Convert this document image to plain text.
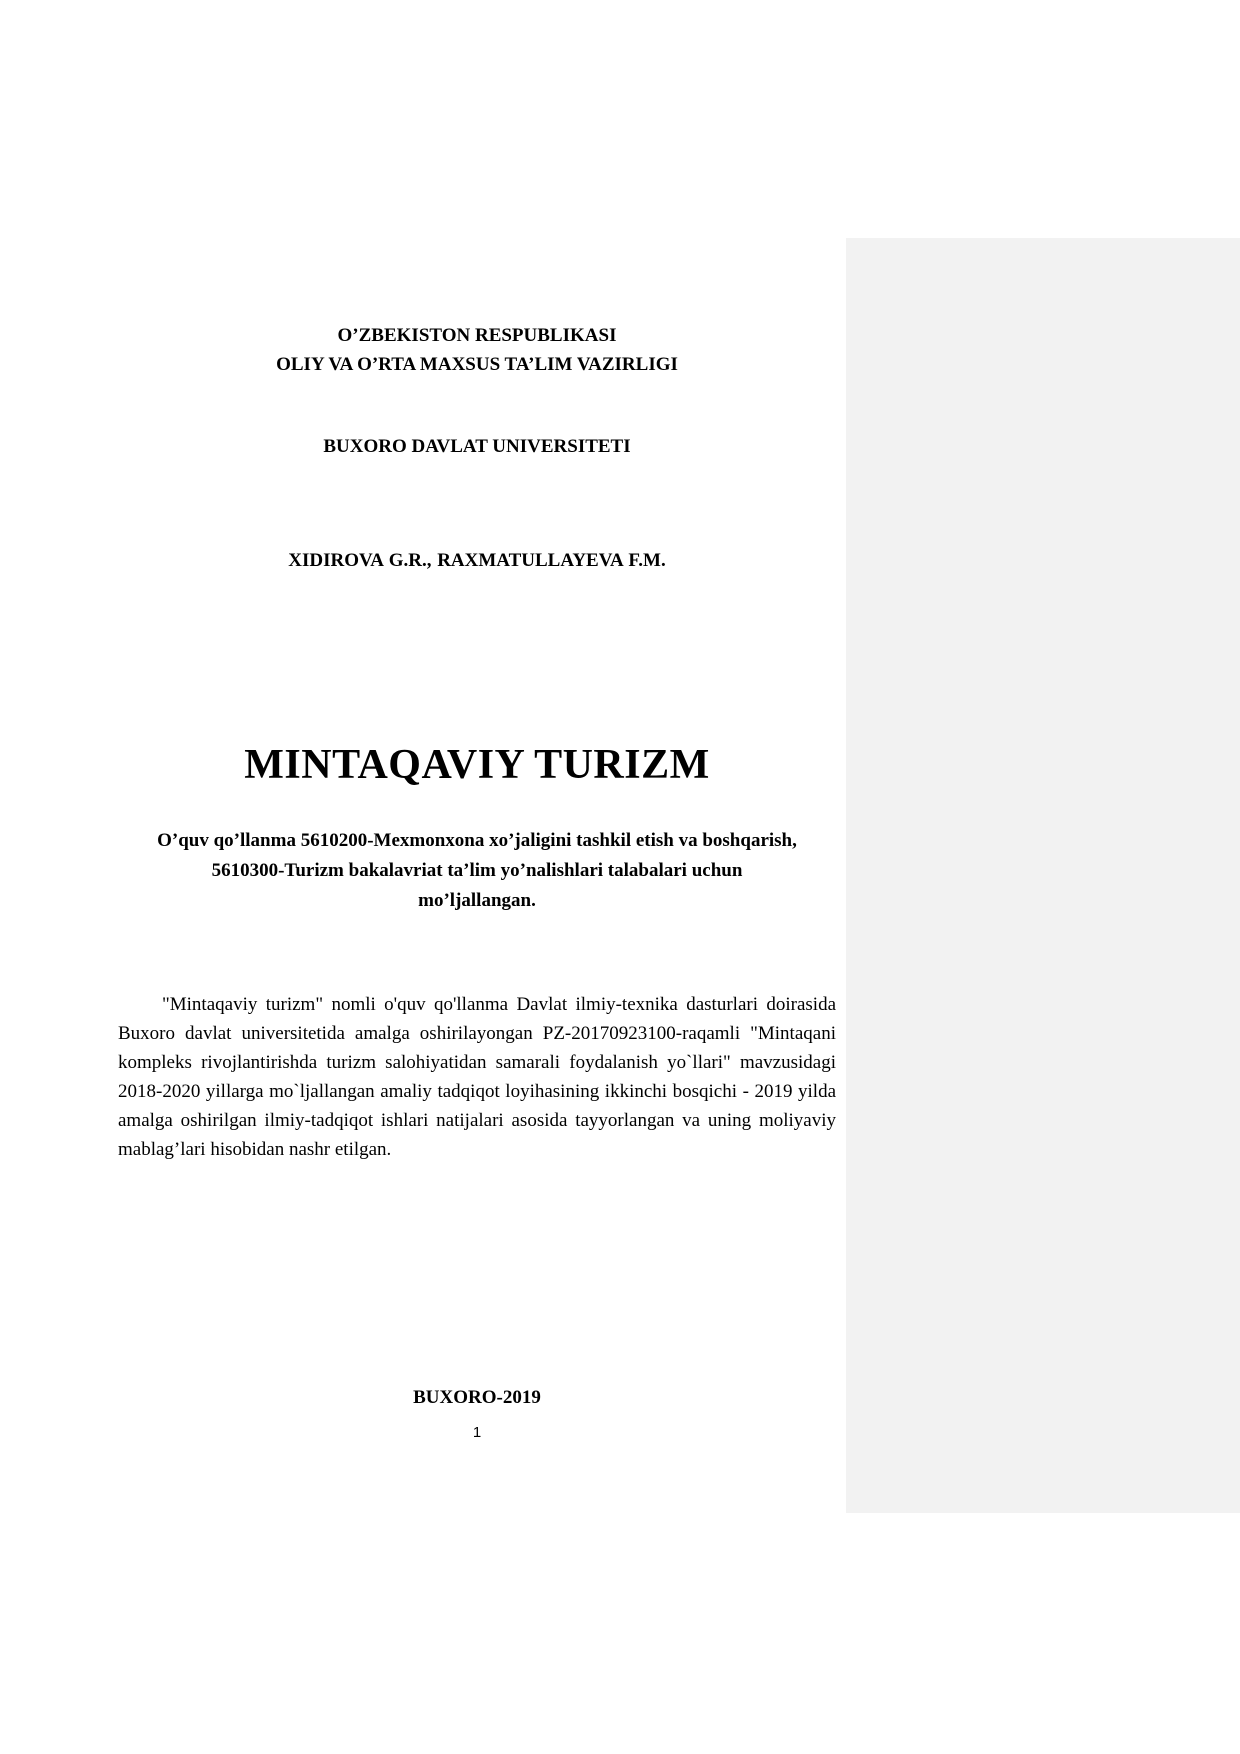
O’ZBEKISTON RESPUBLIKASI
OLIY VA O’RTA MAXSUS TA’LIM VAZIRLIGI
BUXORO DAVLAT UNIVERSITETI
XIDIROVA G.R., RAXMATULLAYEVA F.M.
MINTAQAVIY TURIZM
O’quv qo’llanma 5610200-Mexmonxona xo’jaligini tashkil etish va boshqarish,
5610300-Turizm bakalavriat ta’lim yo’nalishlari talabalari uchun
mo’ljallangan.

"Mintaqaviy turizm" nomli o'quv qo'llanma Davlat ilmiy-texnika dasturlari doirasida Buxoro davlat universitetida amalga oshirilayongan PZ-20170923100-raqamli "Mintaqani kompleks rivojlantirishda turizm salohiyatidan samarali foydalanish yo`llari" mavzusidagi 2018-2020 yillarga mo`ljallangan amaliy tadqiqot loyihasining ikkinchi bosqichi - 2019 yilda amalga oshirilgan ilmiy-tadqiqot ishlari natijalari asosida tayyorlangan va uning moliyaviy mablag’lari hisobidan nashr etilgan.

BUXORO-2019
1
